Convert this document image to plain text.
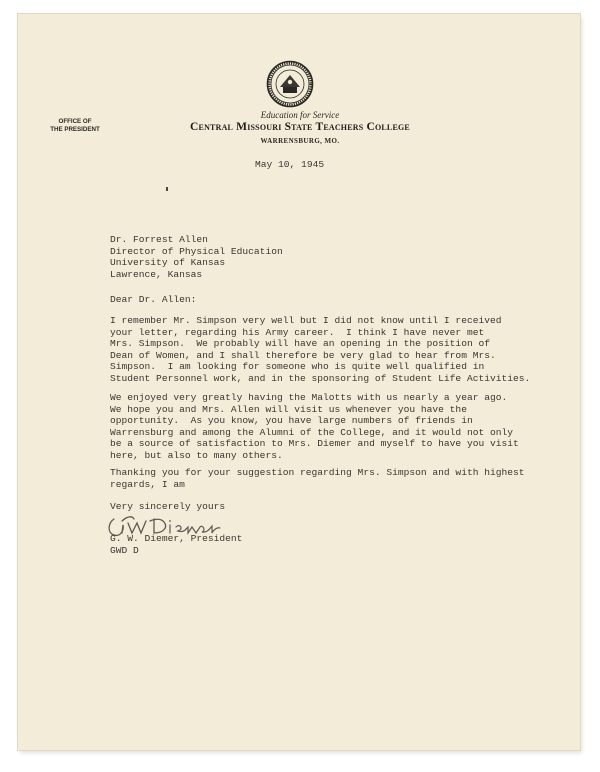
Education for Service
Central Missouri State Teachers College
WARRENSBURG, MO.
OFFICE OF
THE PRESIDENT
May 10, 1945
Dr. Forrest Allen
Director of Physical Education
University of Kansas
Lawrence, Kansas
Dear Dr. Allen:
I remember Mr. Simpson very well but I did not know until I received
your letter, regarding his Army career.  I think I have never met
Mrs. Simpson.  We probably will have an opening in the position of
Dean of Women, and I shall therefore be very glad to hear from Mrs.
Simpson.  I am looking for someone who is quite well qualified in
Student Personnel work, and in the sponsoring of Student Life Activities.
We enjoyed very greatly having the Malotts with us nearly a year ago.
We hope you and Mrs. Allen will visit us whenever you have the
opportunity.  As you know, you have large numbers of friends in
Warrensburg and among the Alumni of the College, and it would not only
be a source of satisfaction to Mrs. Diemer and myself to have you visit
here, but also to many others.
Thanking you for your suggestion regarding Mrs. Simpson and with highest
regards, I am
Very sincerely yours
G. W. Diemer, President
GWD D
